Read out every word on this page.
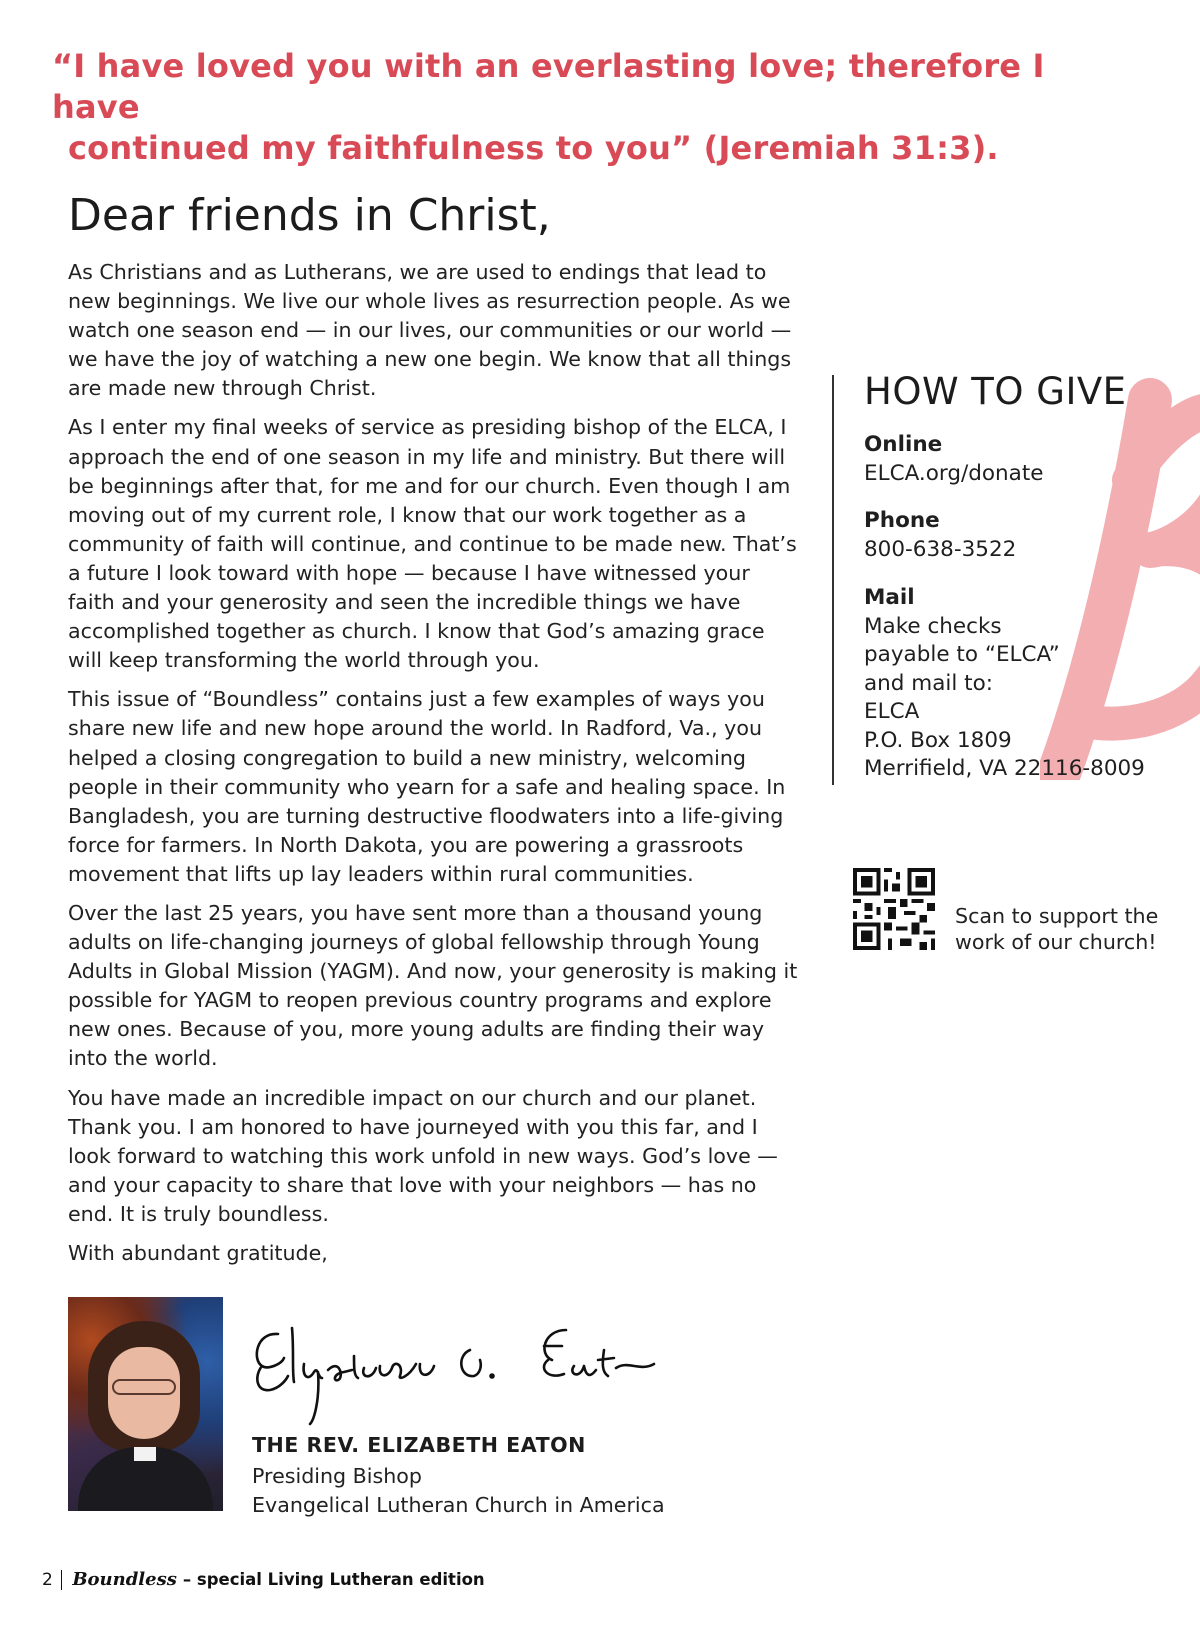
“I have loved you with an everlasting love; therefore I have
continued my faithfulness to you” (Jeremiah 31:3).
Dear friends in Christ,

As Christians and as Lutherans, we are used to endings that lead to new beginnings. We live our whole lives as resurrection people. As we watch one season end — in our lives, our communities or our world — we have the joy of watching a new one begin. We know that all things are made new through Christ.

As I enter my final weeks of service as presiding bishop of the ELCA, I approach the end of one season in my life and ministry. But there will be beginnings after that, for me and for our church. Even though I am moving out of my current role, I know that our work together as a community of faith will continue, and continue to be made new. That’s a future I look toward with hope — because I have witnessed your faith and your generosity and seen the incredible things we have accomplished together as church. I know that God’s amazing grace will keep transforming the world through you.

This issue of “Boundless” contains just a few examples of ways you share new life and new hope around the world. In Radford, Va., you helped a closing congregation to build a new ministry, welcoming people in their community who yearn for a safe and healing space. In Bangladesh, you are turning destructive floodwaters into a life-giving force for farmers. In North Dakota, you are powering a grassroots movement that lifts up lay leaders within rural communities.

Over the last 25 years, you have sent more than a thousand young adults on life-changing journeys of global fellowship through Young Adults in Global Mission (YAGM). And now, your generosity is making it possible for YAGM to reopen previous country programs and explore new ones. Because of you, more young adults are finding their way into the world.

You have made an incredible impact on our church and our planet. Thank you. I am honored to have journeyed with you this far, and I look forward to watching this work unfold in new ways. God’s love — and your capacity to share that love with your neighbors — has no end. It is truly boundless.

With abundant gratitude,
THE REV. ELIZABETH EATON
Presiding Bishop
Evangelical Lutheran Church in America
HOW TO GIVE
Online
ELCA.org/donate
Phone
800-638-3522
Mail
Make checks
payable to “ELCA”
and mail to:
ELCA
P.O. Box 1809
Merrifield, VA 22116-8009
Scan to support the
work of our church!
2 Boundless – special Living Lutheran edition
